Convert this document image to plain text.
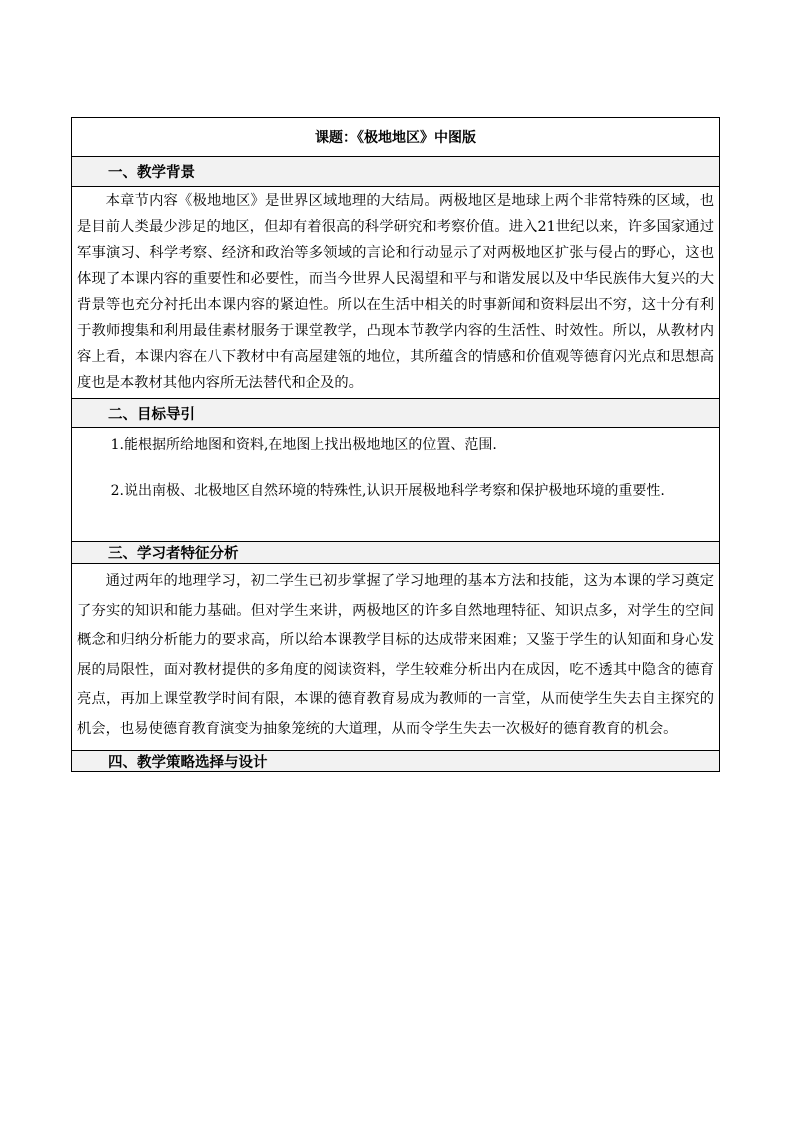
课题：《极地地区》中图版
一、教学背景

本章节内容《极地地区》是世界区域地理的大结局。两极地区是地球上两个非常特殊的区域，也是目前人类最少涉足的地区，但却有着很高的科学研究和考察价值。进入21世纪以来，许多国家通过军事演习、科学考察、经济和政治等多领域的言论和行动显示了对两极地区扩张与侵占的野心，这也体现了本课内容的重要性和必要性，而当今世界人民渴望和平与和谐发展以及中华民族伟大复兴的大背景等也充分衬托出本课内容的紧迫性。所以在生活中相关的时事新闻和资料层出不穷，这十分有利于教师搜集和利用最佳素材服务于课堂教学，凸现本节教学内容的生活性、时效性。所以，从教材内容上看，本课内容在八下教材中有高屋建瓴的地位，其所蕴含的情感和价值观等德育闪光点和思想高度也是本教材其他内容所无法替代和企及的。

二、目标导引

1.能根据所给地图和资料,在地图上找出极地地区的位置、范围.

2.说出南极、北极地区自然环境的特殊性,认识开展极地科学考察和保护极地环境的重要性.

三、学习者特征分析

通过两年的地理学习，初二学生已初步掌握了学习地理的基本方法和技能，这为本课的学习奠定了夯实的知识和能力基础。但对学生来讲，两极地区的许多自然地理特征、知识点多，对学生的空间概念和归纳分析能力的要求高，所以给本课教学目标的达成带来困难；又鉴于学生的认知面和身心发展的局限性，面对教材提供的多角度的阅读资料，学生较难分析出内在成因，吃不透其中隐含的德育亮点，再加上课堂教学时间有限，本课的德育教育易成为教师的一言堂，从而使学生失去自主探究的机会，也易使德育教育演变为抽象笼统的大道理，从而令学生失去一次极好的德育教育的机会。

四、教学策略选择与设计
